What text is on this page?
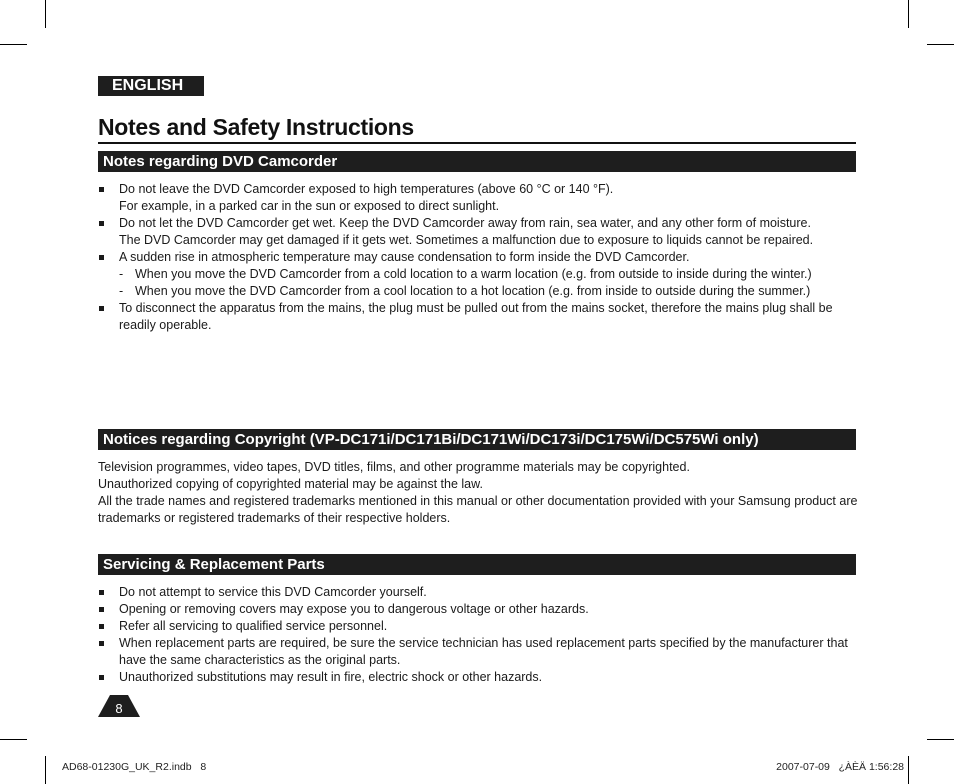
ENGLISH
Notes and Safety Instructions
Notes regarding DVD Camcorder

Do not leave the DVD Camcorder exposed to high temperatures (above 60 °C or 140 °F).

For example, in a parked car in the sun or exposed to direct sunlight.

Do not let the DVD Camcorder get wet. Keep the DVD Camcorder away from rain, sea water, and any other form of moisture.

The DVD Camcorder may get damaged if it gets wet. Sometimes a malfunction due to exposure to liquids cannot be repaired.

A sudden rise in atmospheric temperature may cause condensation to form inside the DVD Camcorder.

- When you move the DVD Camcorder from a cold location to a warm location (e.g. from outside to inside during the winter.)
- When you move the DVD Camcorder from a cool location to a hot location (e.g. from inside to outside during the summer.)

To disconnect the apparatus from the mains, the plug must be pulled out from the mains socket, therefore the mains plug shall be readily operable.

Notices regarding Copyright (VP-DC171i/DC171Bi/DC171Wi/DC173i/DC175Wi/DC575Wi only)

Television programmes, video tapes, DVD titles, films, and other programme materials may be copyrighted.

Unauthorized copying of copyrighted material may be against the law.

All the trade names and registered trademarks mentioned in this manual or other documentation provided with your Samsung product are trademarks or registered trademarks of their respective holders.

Servicing & Replacement Parts
Do not attempt to service this DVD Camcorder yourself.
Opening or removing covers may expose you to dangerous voltage or other hazards.
Refer all servicing to qualified service personnel.
When replacement parts are required, be sure the service technician has used replacement parts specified by the manufacturer that have the same characteristics as the original parts.
Unauthorized substitutions may result in fire, electric shock or other hazards.
8
AD68-01230G_UK_R2.indb   8	2007-07-09   ¿ÀÈÄ 1:56:28
